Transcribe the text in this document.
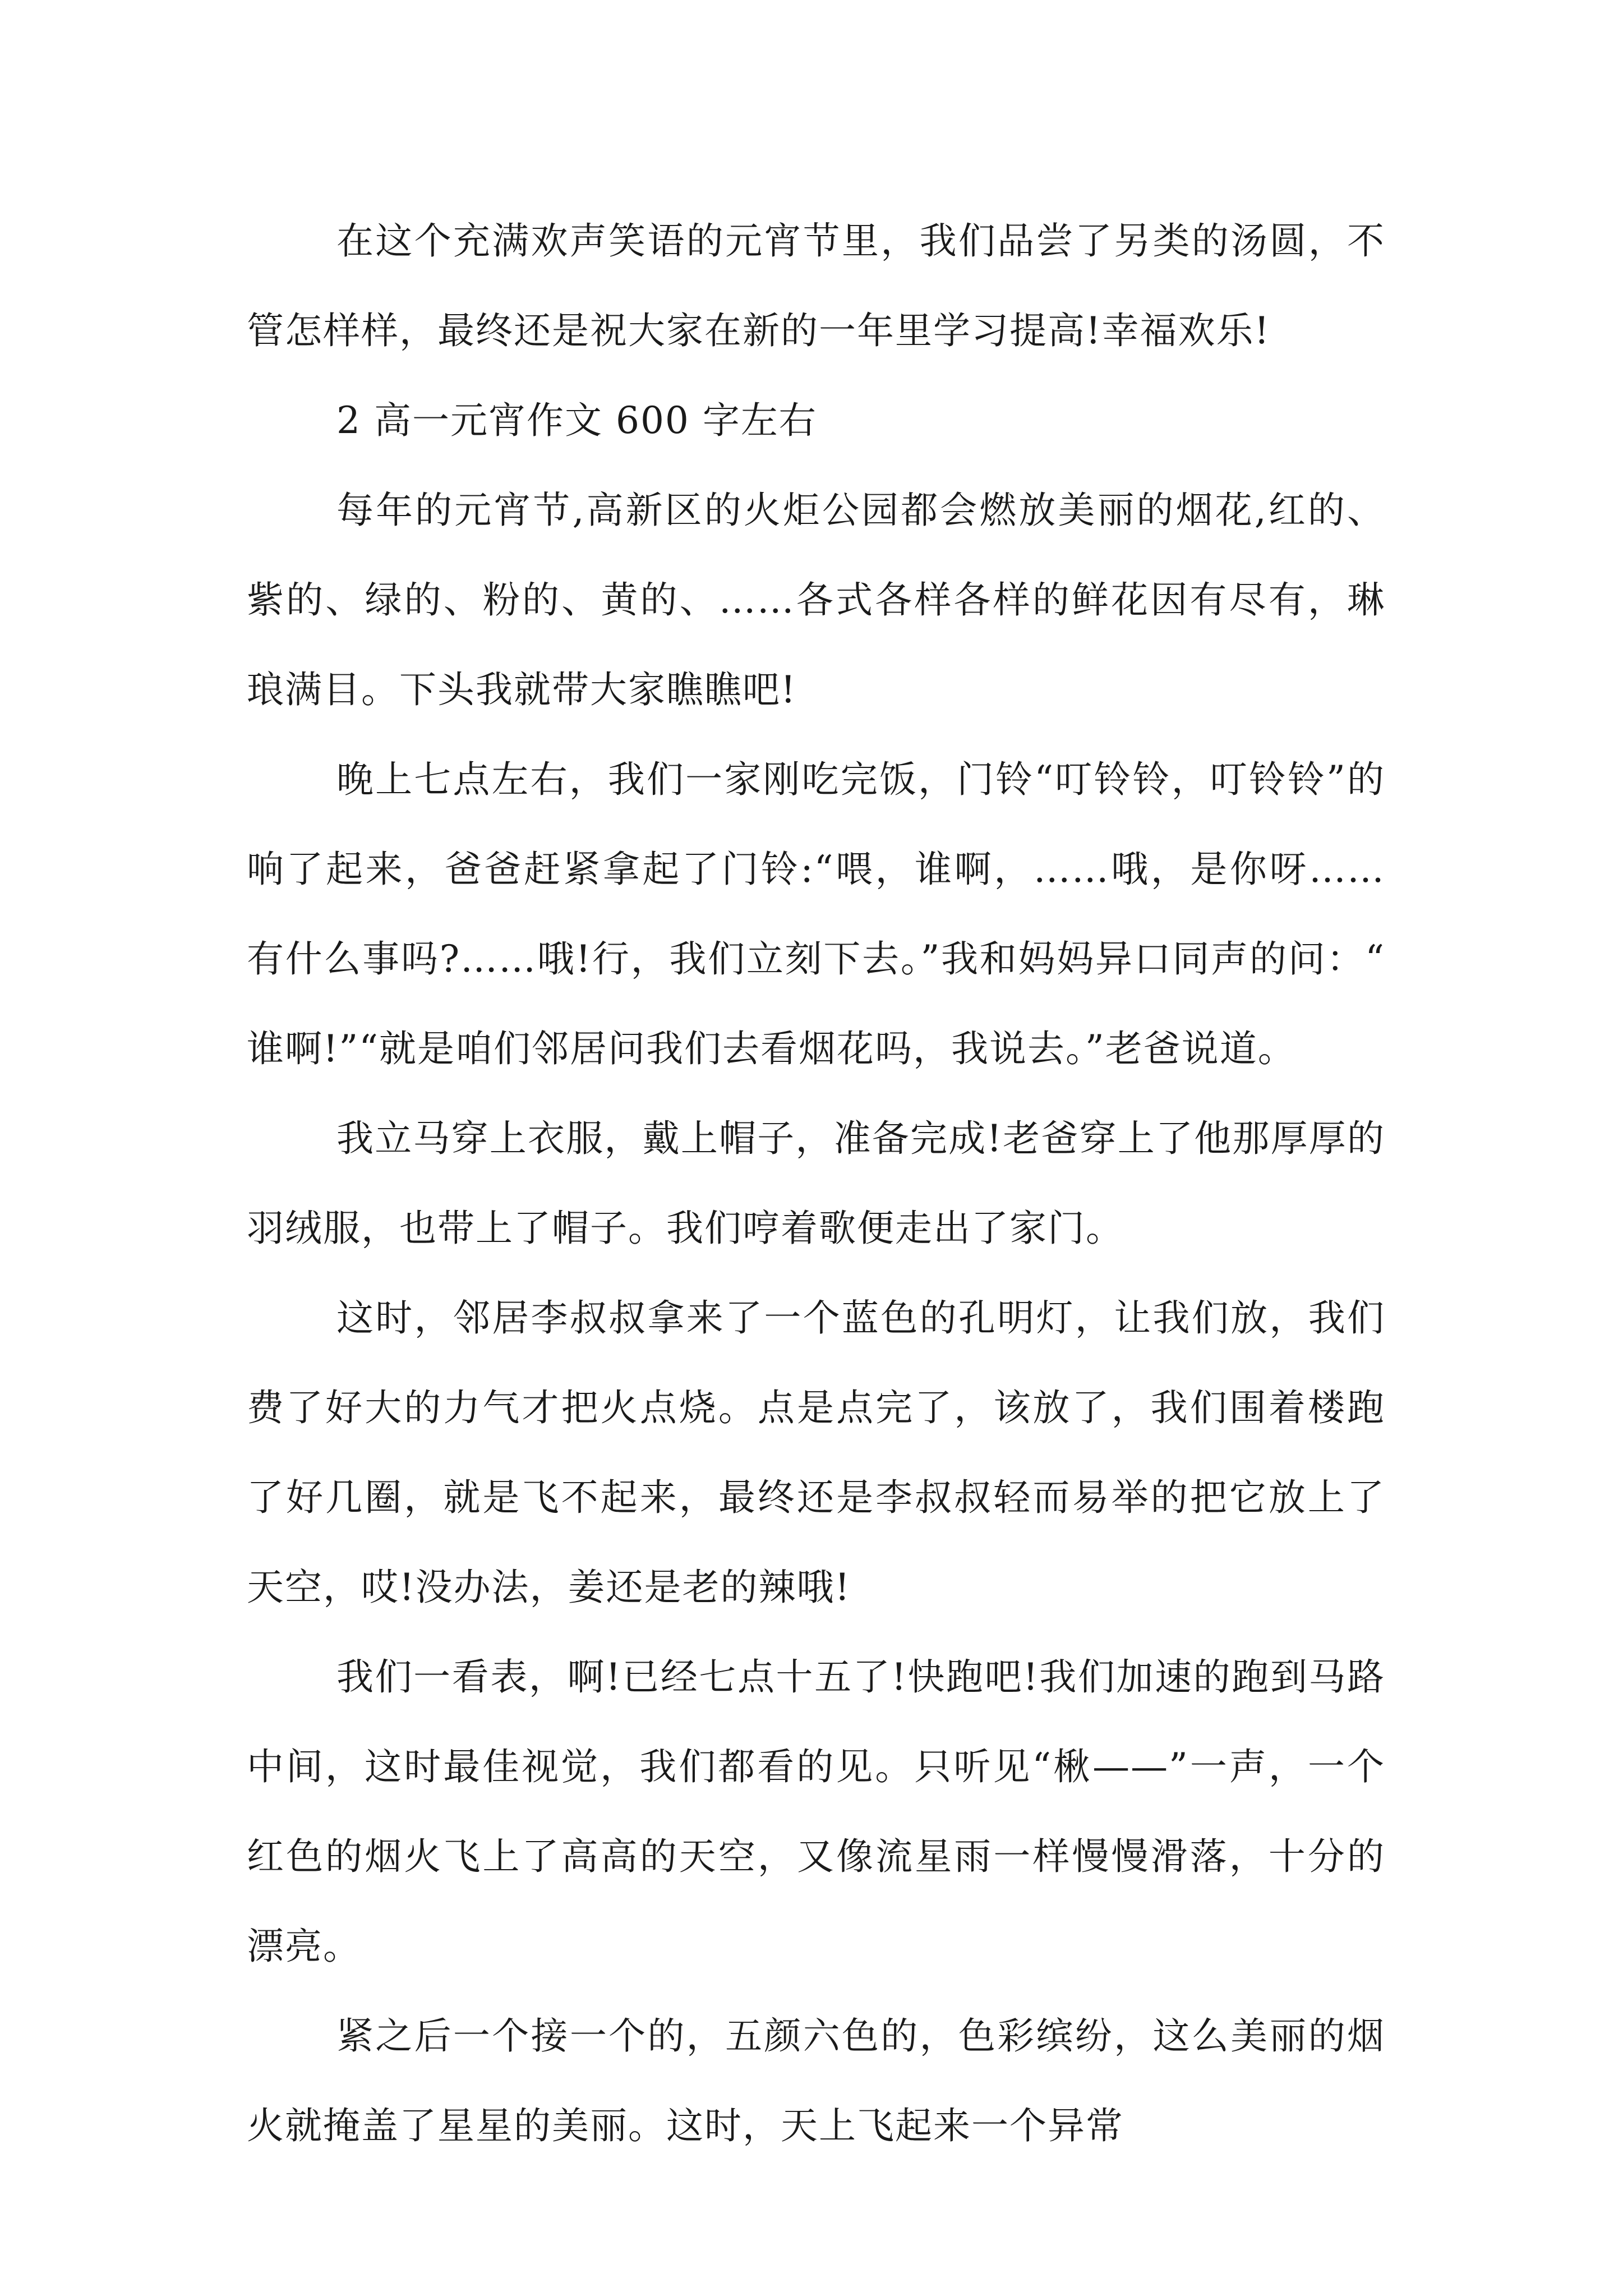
在这个充满欢声笑语的元宵节里，我们品尝了另类的汤圆，不管怎样样，最终还是祝大家在新的一年里学习提高!幸福欢乐!

2 高一元宵作文 600 字左右

每年的元宵节,高新区的火炬公园都会燃放美丽的烟花,红的、紫的、绿的、粉的、黄的、……各式各样各样的鲜花因有尽有，琳琅满目。下头我就带大家瞧瞧吧!

晚上七点左右，我们一家刚吃完饭，门铃“叮铃铃，叮铃铃”的响了起来，爸爸赶紧拿起了门铃:“喂，谁啊，……哦，是你呀……有什么事吗?……哦!行，我们立刻下去。”我和妈妈异口同声的问：“谁啊!”“就是咱们邻居问我们去看烟花吗，我说去。”老爸说道。

我立马穿上衣服，戴上帽子，准备完成!老爸穿上了他那厚厚的羽绒服，也带上了帽子。我们哼着歌便走出了家门。

这时，邻居李叔叔拿来了一个蓝色的孔明灯，让我们放，我们费了好大的力气才把火点烧。点是点完了，该放了，我们围着楼跑了好几圈，就是飞不起来，最终还是李叔叔轻而易举的把它放上了天空，哎!没办法，姜还是老的辣哦!

我们一看表，啊!已经七点十五了!快跑吧!我们加速的跑到马路中间，这时最佳视觉，我们都看的见。只听见“楸——”一声，一个红色的烟火飞上了高高的天空，又像流星雨一样慢慢滑落，十分的漂亮。

紧之后一个接一个的，五颜六色的，色彩缤纷，这么美丽的烟火就掩盖了星星的美丽。这时，天上飞起来一个异常
